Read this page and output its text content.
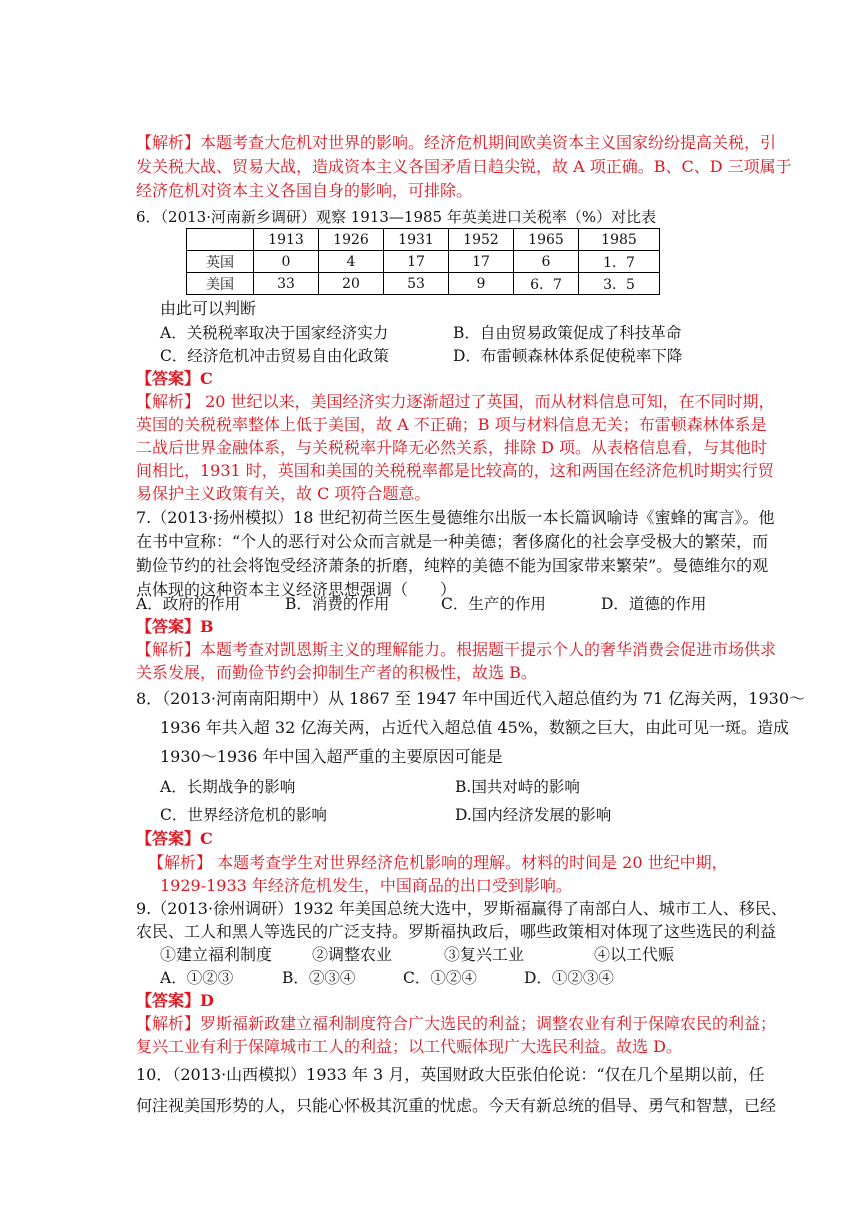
【解析】本题考查大危机对世界的影响。经济危机期间欧美资本主义国家纷纷提高关税，引
发关税大战、贸易大战，造成资本主义各国矛盾日趋尖锐，故 A 项正确。B、C、D 三项属于
经济危机对资本主义各国自身的影响，可排除。
6．（2013·河南新乡调研）观察 1913—1985 年英美进口关税率（%）对比表
	1913	1926	1931	1952	1965	1985
英国	0	4	17	17	6	1．7
美国	33	20	53	9	6．7	3．5
由此可以判断
A．关税税率取决于国家经济实力	B．自由贸易政策促成了科技革命
C．经济危机冲击贸易自由化政策	D．布雷顿森林体系促使税率下降
【答案】C
【解析】 20 世纪以来，美国经济实力逐渐超过了英国，而从材料信息可知，在不同时期，
英国的关税税率整体上低于美国，故 A 不正确；B 项与材料信息无关；布雷顿森林体系是
二战后世界金融体系，与关税税率升降无必然关系，排除 D 项。从表格信息看，与其他时
间相比，1931 时，英国和美国的关税税率都是比较高的，这和两国在经济危机时期实行贸
易保护主义政策有关，故 C 项符合题意。
7.（2013·扬州模拟）18 世纪初荷兰医生曼德维尔出版一本长篇讽喻诗《蜜蜂的寓言》。他
在书中宣称：“个人的恶行对公众而言就是一种美德；奢侈腐化的社会享受极大的繁荣，而
勤俭节约的社会将饱受经济萧条的折磨，纯粹的美德不能为国家带来繁荣”。曼德维尔的观
点体现的这种资本主义经济思想强调（　　）
A．政府的作用	B．消费的作用	C．生产的作用	D．道德的作用
【答案】B
【解析】本题考查对凯恩斯主义的理解能力。根据题干提示个人的奢华消费会促进市场供求
关系发展，而勤俭节约会抑制生产者的积极性，故选 B。
8．（2013·河南南阳期中）从 1867 至 1947 年中国近代入超总值约为 71 亿海关两，1930～
1936 年共入超 32 亿海关两，占近代入超总值 45%，数额之巨大，由此可见一斑。造成
1930～1936 年中国入超严重的主要原因可能是
A．长期战争的影响	B.国共对峙的影响
C．世界经济危机的影响	D.国内经济发展的影响
【答案】C
【解析】 本题考查学生对世界经济危机影响的理解。材料的时间是 20 世纪中期，
1929-1933 年经济危机发生，中国商品的出口受到影响。
9.（2013·徐州调研）1932 年美国总统大选中，罗斯福赢得了南部白人、城市工人、移民、
农民、工人和黑人等选民的广泛支持。罗斯福执政后，哪些政策相对体现了这些选民的利益
①建立福利制度 ②调整农业	③复兴工业	④以工代赈
A．①②③	B．②③④	C．①②④	D．①②③④
【答案】D
【解析】罗斯福新政建立福利制度符合广大选民的利益；调整农业有利于保障农民的利益；
复兴工业有利于保障城市工人的利益；以工代赈体现广大选民利益。故选 D。
10．（2013·山西模拟）1933 年 3 月，英国财政大臣张伯伦说：“仅在几个星期以前，任
何注视美国形势的人，只能心怀极其沉重的忧虑。今天有新总统的倡导、勇气和智慧，已经
